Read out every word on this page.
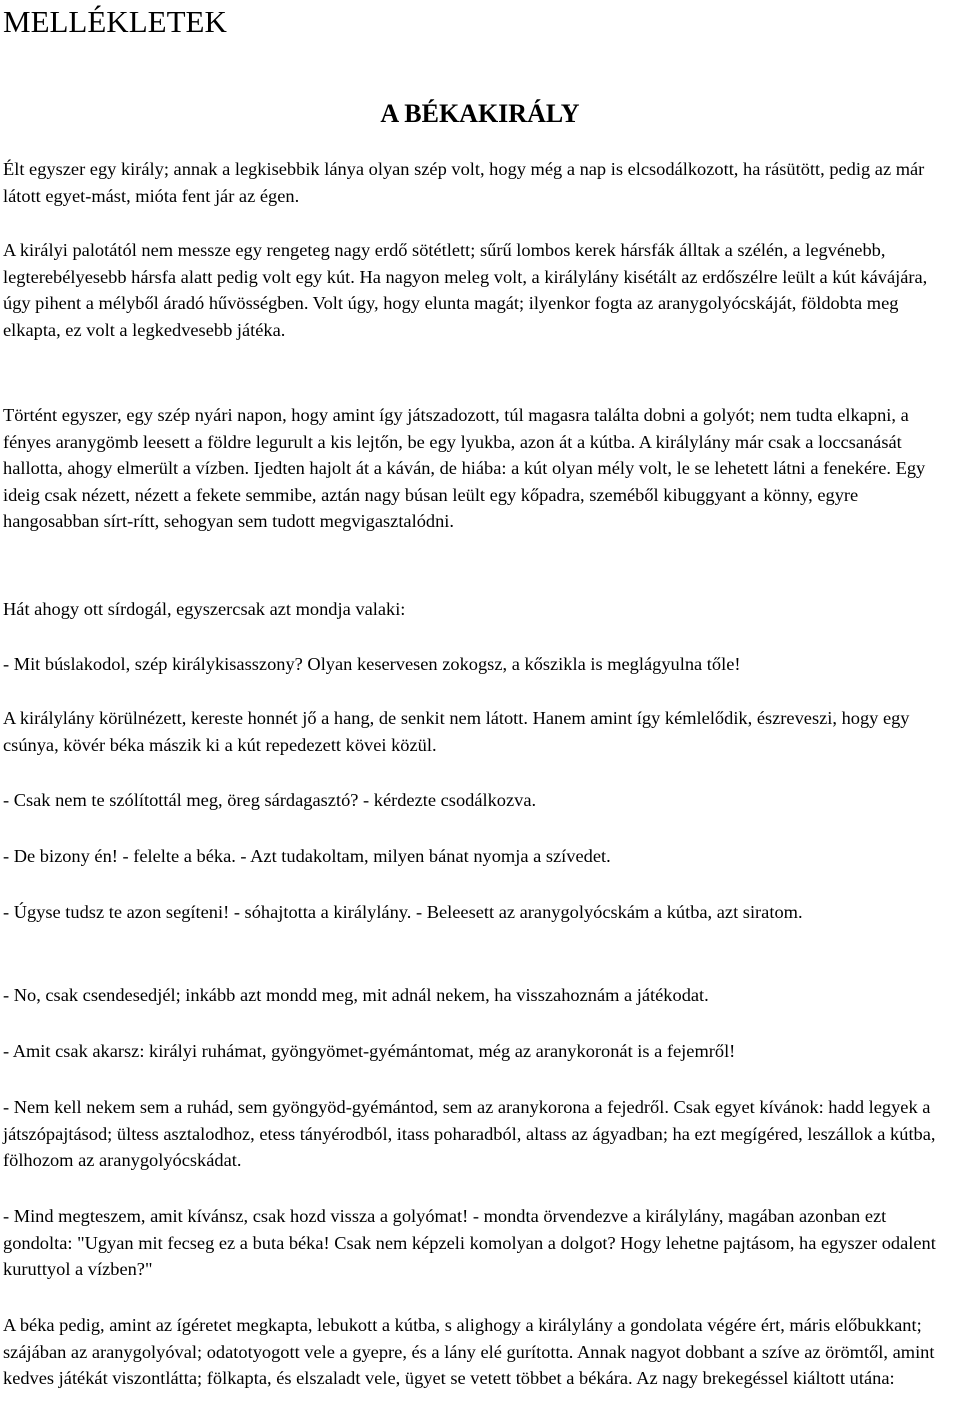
MELLÉKLETEK
A BÉKAKIRÁLY

Élt egyszer egy király; annak a legkisebbik lánya olyan szép volt, hogy még a nap is elcsodálkozott, ha rásütött, pedig az már látott egyet-mást, mióta fent jár az égen.

A királyi palotától nem messze egy rengeteg nagy erdő sötétlett; sűrű lombos kerek hársfák álltak a szélén, a legvénebb, legterebélyesebb hársfa alatt pedig volt egy kút. Ha nagyon meleg volt, a királylány kisétált az erdőszélre leült a kút kávájára, úgy pihent a mélyből áradó hűvösségben. Volt úgy, hogy elunta magát; ilyenkor fogta az aranygolyócskáját, földobta meg elkapta, ez volt a legkedvesebb játéka.

Történt egyszer, egy szép nyári napon, hogy amint így játszadozott, túl magasra találta dobni a golyót; nem tudta elkapni, a fényes aranygömb leesett a földre legurult a kis lejtőn, be egy lyukba, azon át a kútba. A királylány már csak a loccsanását hallotta, ahogy elmerült a vízben. Ijedten hajolt át a káván, de hiába: a kút olyan mély volt, le se lehetett látni a fenekére. Egy ideig csak nézett, nézett a fekete semmibe, aztán nagy búsan leült egy kőpadra, szeméből kibuggyant a könny, egyre hangosabban sírt-rítt, sehogyan sem tudott megvigasztalódni.

Hát ahogy ott sírdogál, egyszercsak azt mondja valaki:

- Mit búslakodol, szép királykisasszony? Olyan keservesen zokogsz, a kőszikla is meglágyulna tőle!

A királylány körülnézett, kereste honnét jő a hang, de senkit nem látott. Hanem amint így kémlelődik, észreveszi, hogy egy csúnya, kövér béka mászik ki a kút repedezett kövei közül.

- Csak nem te szólítottál meg, öreg sárdagasztó? - kérdezte csodálkozva.

- De bizony én! - felelte a béka. - Azt tudakoltam, milyen bánat nyomja a szívedet.

- Úgyse tudsz te azon segíteni! - sóhajtotta a királylány. - Beleesett az aranygolyócskám a kútba, azt siratom.

- No, csak csendesedjél; inkább azt mondd meg, mit adnál nekem, ha visszahoznám a játékodat.

- Amit csak akarsz: királyi ruhámat, gyöngyömet-gyémántomat, még az aranykoronát is a fejemről!

- Nem kell nekem sem a ruhád, sem gyöngyöd-gyémántod, sem az aranykorona a fejedről. Csak egyet kívánok: hadd legyek a játszópajtásod; ültess asztalodhoz, etess tányérodból, itass poharadból, altass az ágyadban; ha ezt megígéred, leszállok a kútba, fölhozom az aranygolyócskádat.

- Mind megteszem, amit kívánsz, csak hozd vissza a golyómat! - mondta örvendezve a királylány, magában azonban ezt gondolta: "Ugyan mit fecseg ez a buta béka! Csak nem képzeli komolyan a dolgot? Hogy lehetne pajtásom, ha egyszer odalent kuruttyol a vízben?"

A béka pedig, amint az ígéretet megkapta, lebukott a kútba, s alighogy a királylány a gondolata végére ért, máris előbukkant; szájában az aranygolyóval; odatotyogott vele a gyepre, és a lány elé gurította. Annak nagyot dobbant a szíve az örömtől, amint kedves játékát viszontlátta; fölkapta, és elszaladt vele, ügyet se vetett többet a békára. Az nagy brekegéssel kiáltott utána:
